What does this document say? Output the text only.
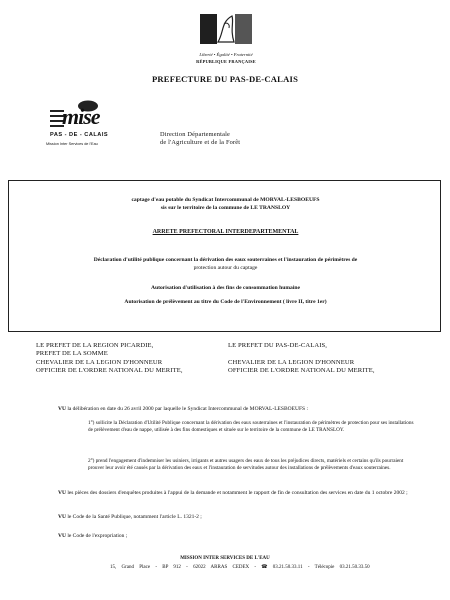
Liberté • Égalité • Fraternité
RÉPUBLIQUE FRANÇAISE
PREFECTURE DU PAS-DE-CALAIS
mise
PAS - DE - CALAIS
Mission Inter Services de l'Eau
Direction Départementale
de l'Agriculture et de la Forêt
captage d'eau potable du Syndicat Intercommunal de MORVAL-LESBOEUFS
sis sur le territoire de la commune de LE TRANSLOY
ARRETE PREFECTORAL INTERDEPARTEMENTAL
Déclaration d'utilité publique concernant la dérivation des eaux souterraines et l'instauration de périmètres de
protection autour du captage
Autorisation d'utilisation à des fins de consommation humaine
Autorisation de prélèvement au titre du Code de l'Environnement ( livre II, titre 1er)
LE PREFET DE LA REGION PICARDIE,
PREFET DE LA SOMME
CHEVALIER DE LA LEGION D'HONNEUR
OFFICIER DE L'ORDRE NATIONAL DU MERITE,
LE PREFET DU PAS-DE-CALAIS,

CHEVALIER DE LA LEGION D'HONNEUR
OFFICIER DE L'ORDRE NATIONAL DU MERITE,
VU la délibération en date du 26 avril 2000 par laquelle le Syndicat Intercommunal de MORVAL-LESBOEUFS :
1°) sollicite la Déclaration d'Utilité Publique concernant la dérivation des eaux souterraines et l'instauration de périmètres de protection pour ses installations de prélèvement d'eau de nappe, utilisée à des fins domestiques et située sur le territoire de la commune de LE TRANSLOY.
2°) prend l'engagement d'indemniser les usiniers, irrigants et autres usagers des eaux de tous les préjudices directs, matériels et certains qu'ils pourraient prouver leur avoir été causés par la dérivation des eaux et l'instauration de servitudes autour des installations de prélèvements d'eaux souterraines.
VU les pièces des dossiers d'enquêtes produites à l'appui de la demande et notamment le rapport de fin de consultation des services en date du 1 octobre 2002 ;
VU le Code de la Santé Publique, notamment l'article L. 1321-2 ;
VU le Code de l'expropriation ;
MISSION INTER SERVICES DE L'EAU
15, Grand Place - BP 912 - 62022 ARRAS CEDEX - ☎ 03.21.50.33.11 - Télécopie 03.21.50.33.50
